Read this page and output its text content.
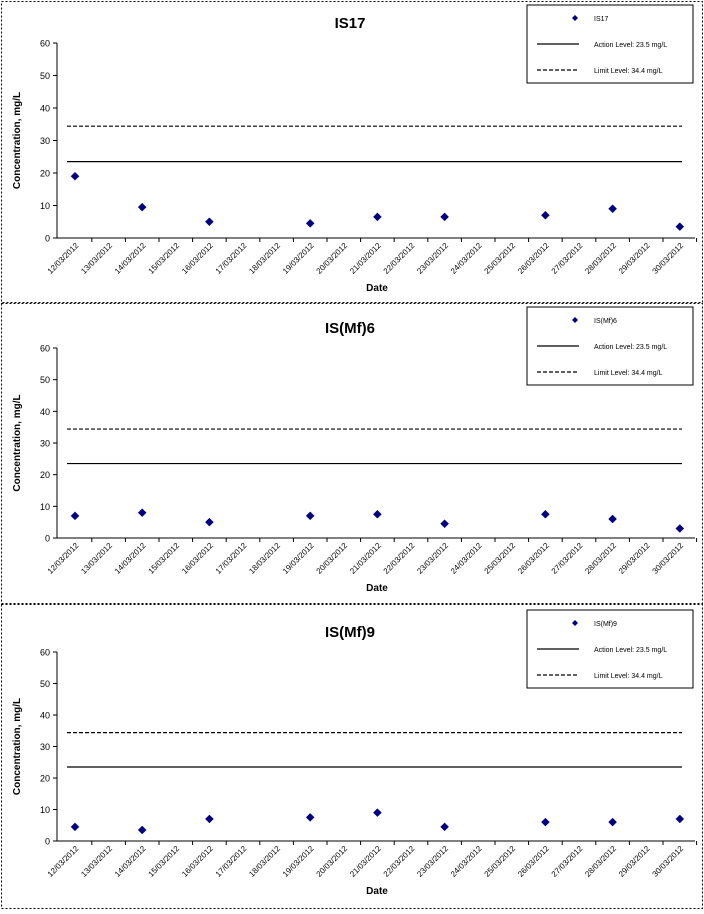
IS17
0
10
20
30
40
50
60
Concentration, mg/L
12/03/2012
13/03/2012
14/03/2012
15/03/2012
16/03/2012
17/03/2012
18/03/2012
19/03/2012
20/03/2012
21/03/2012
22/03/2012
23/03/2012
24/03/2012
25/03/2012
26/03/2012
27/03/2012
28/03/2012
29/03/2012
30/03/2012
Date
IS17
Action Level: 23.5 mg/L
Limit Level: 34.4 mg/L
IS(Mf)6
0
10
20
30
40
50
60
Concentration, mg/L
12/03/2012
13/03/2012
14/03/2012
15/03/2012
16/03/2012
17/03/2012
18/03/2012
19/03/2012
20/03/2012
21/03/2012
22/03/2012
23/03/2012
24/03/2012
25/03/2012
26/03/2012
27/03/2012
28/03/2012
29/03/2012
30/03/2012
Date
IS(Mf)6
Action Level: 23.5 mg/L
Limit Level: 34.4 mg/L
IS(Mf)9
0
10
20
30
40
50
60
Concentration, mg/L
12/03/2012
13/03/2012
14/03/2012
15/03/2012
16/03/2012
17/03/2012
18/03/2012
19/03/2012
20/03/2012
21/03/2012
22/03/2012
23/03/2012
24/03/2012
25/03/2012
26/03/2012
27/03/2012
28/03/2012
29/03/2012
30/03/2012
Date
IS(Mf)9
Action Level: 23.5 mg/L
Limit Level: 34.4 mg/L
